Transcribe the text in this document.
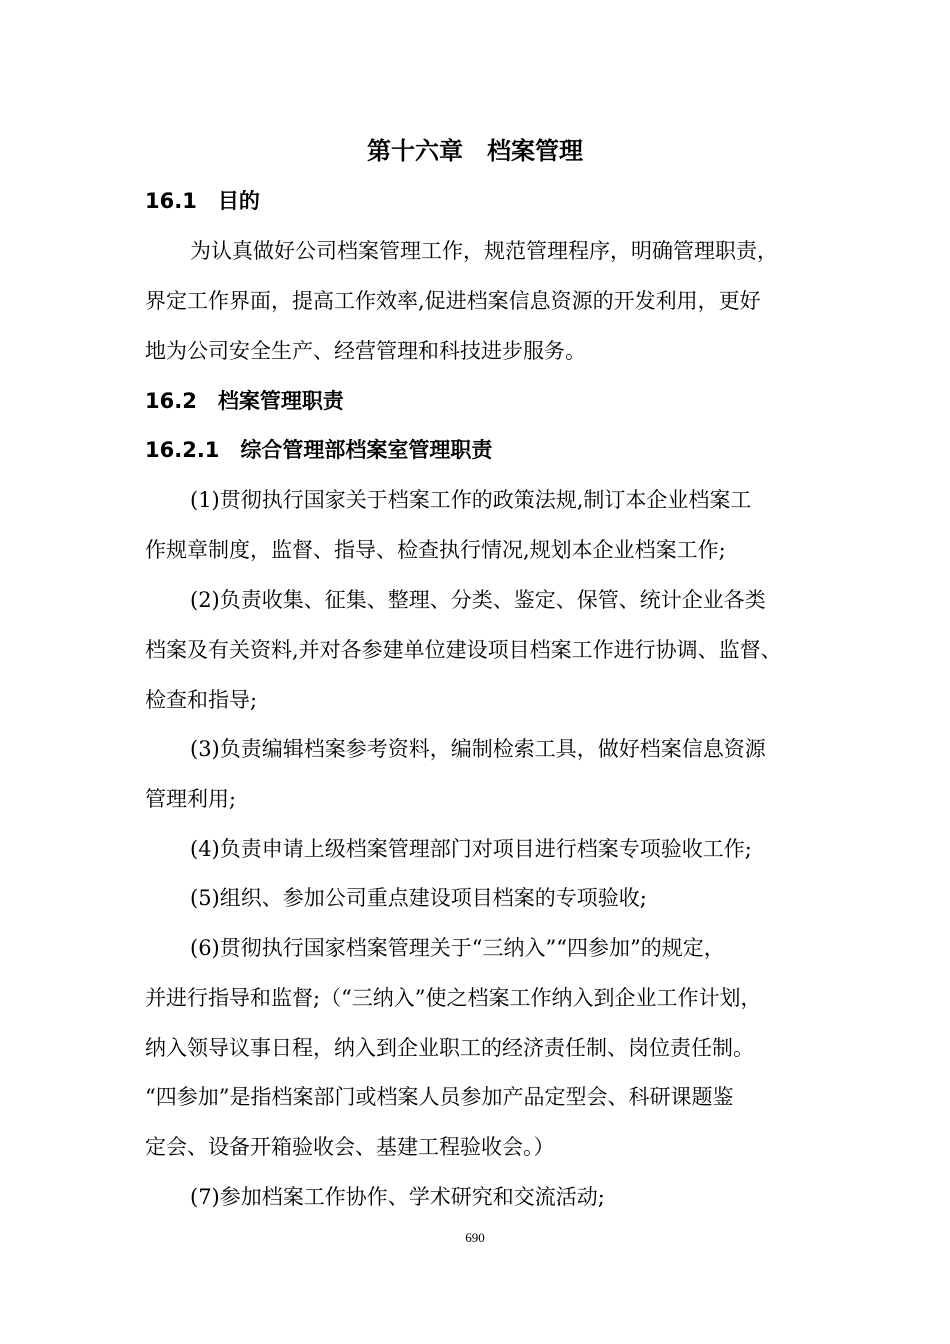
第十六章　档案管理
16.1　目的
为认真做好公司档案管理工作，规范管理程序，明确管理职责，
界定工作界面，提高工作效率,促进档案信息资源的开发利用，更好
地为公司安全生产、经营管理和科技进步服务。
16.2　档案管理职责
16.2.1　综合管理部档案室管理职责
(1)贯彻执行国家关于档案工作的政策法规,制订本企业档案工
作规章制度，监督、指导、检查执行情况,规划本企业档案工作;
(2)负责收集、征集、整理、分类、鉴定、保管、统计企业各类
档案及有关资料,并对各参建单位建设项目档案工作进行协调、监督、
检查和指导;
(3)负责编辑档案参考资料，编制检索工具，做好档案信息资源
管理利用;
(4)负责申请上级档案管理部门对项目进行档案专项验收工作;
(5)组织、参加公司重点建设项目档案的专项验收;
(6)贯彻执行国家档案管理关于“三纳入”“四参加”的规定，
并进行指导和监督;（“三纳入”使之档案工作纳入到企业工作计划，
纳入领导议事日程，纳入到企业职工的经济责任制、岗位责任制。
“四参加”是指档案部门或档案人员参加产品定型会、科研课题鉴
定会、设备开箱验收会、基建工程验收会。）
(7)参加档案工作协作、学术研究和交流活动;
690
